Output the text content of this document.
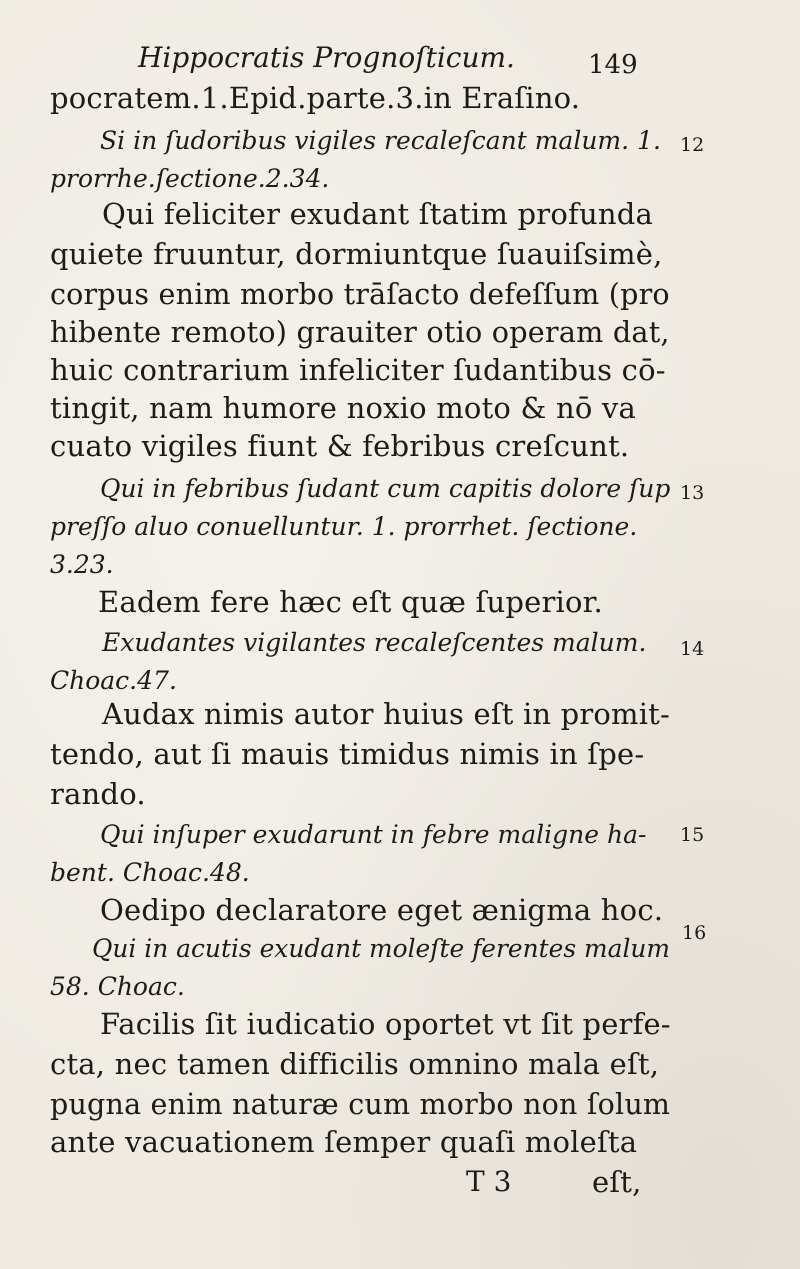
Hippocratis Prognoſticum.	149
pocratem.1.Epid.parte.3.in Eraſino.
Si in ſudoribus vigiles recaleſcant malum. 1.
prorrhe.ſectione.2.34.
Qui feliciter exudant ſtatim profunda
quiete fruuntur, dormiuntque ſuauiſsimè,
corpus enim morbo trāſacto defeſſum (pro
hibente remoto) grauiter otio operam dat,
huic contrarium infeliciter ſudantibus cō-
tingit, nam humore noxio moto & nō va
cuato vigiles fiunt & febribus creſcunt.
Qui in febribus ſudant cum capitis dolore ſup
preſſo aluo conuelluntur. 1. prorrhet. ſectione.
3.23.
Eadem fere hæc eſt quæ ſuperior.
Exudantes vigilantes recaleſcentes malum.
Choac.47.
Audax nimis autor huius eſt in promit-
tendo, aut ſi mauis timidus nimis in ſpe-
rando.
Qui inſuper exudarunt in febre maligne ha-
bent. Choac.48.
Oedipo declaratore eget ænigma hoc.
Qui in acutis exudant moleſte ferentes malum
58. Choac.
Facilis ſit iudicatio oportet vt ſit perfe-
cta, nec tamen difficilis omnino mala eſt,
pugna enim naturæ cum morbo non ſolum
ante vacuationem ſemper quaſi moleſta
12
13
14
15
16
T 3	eſt,
